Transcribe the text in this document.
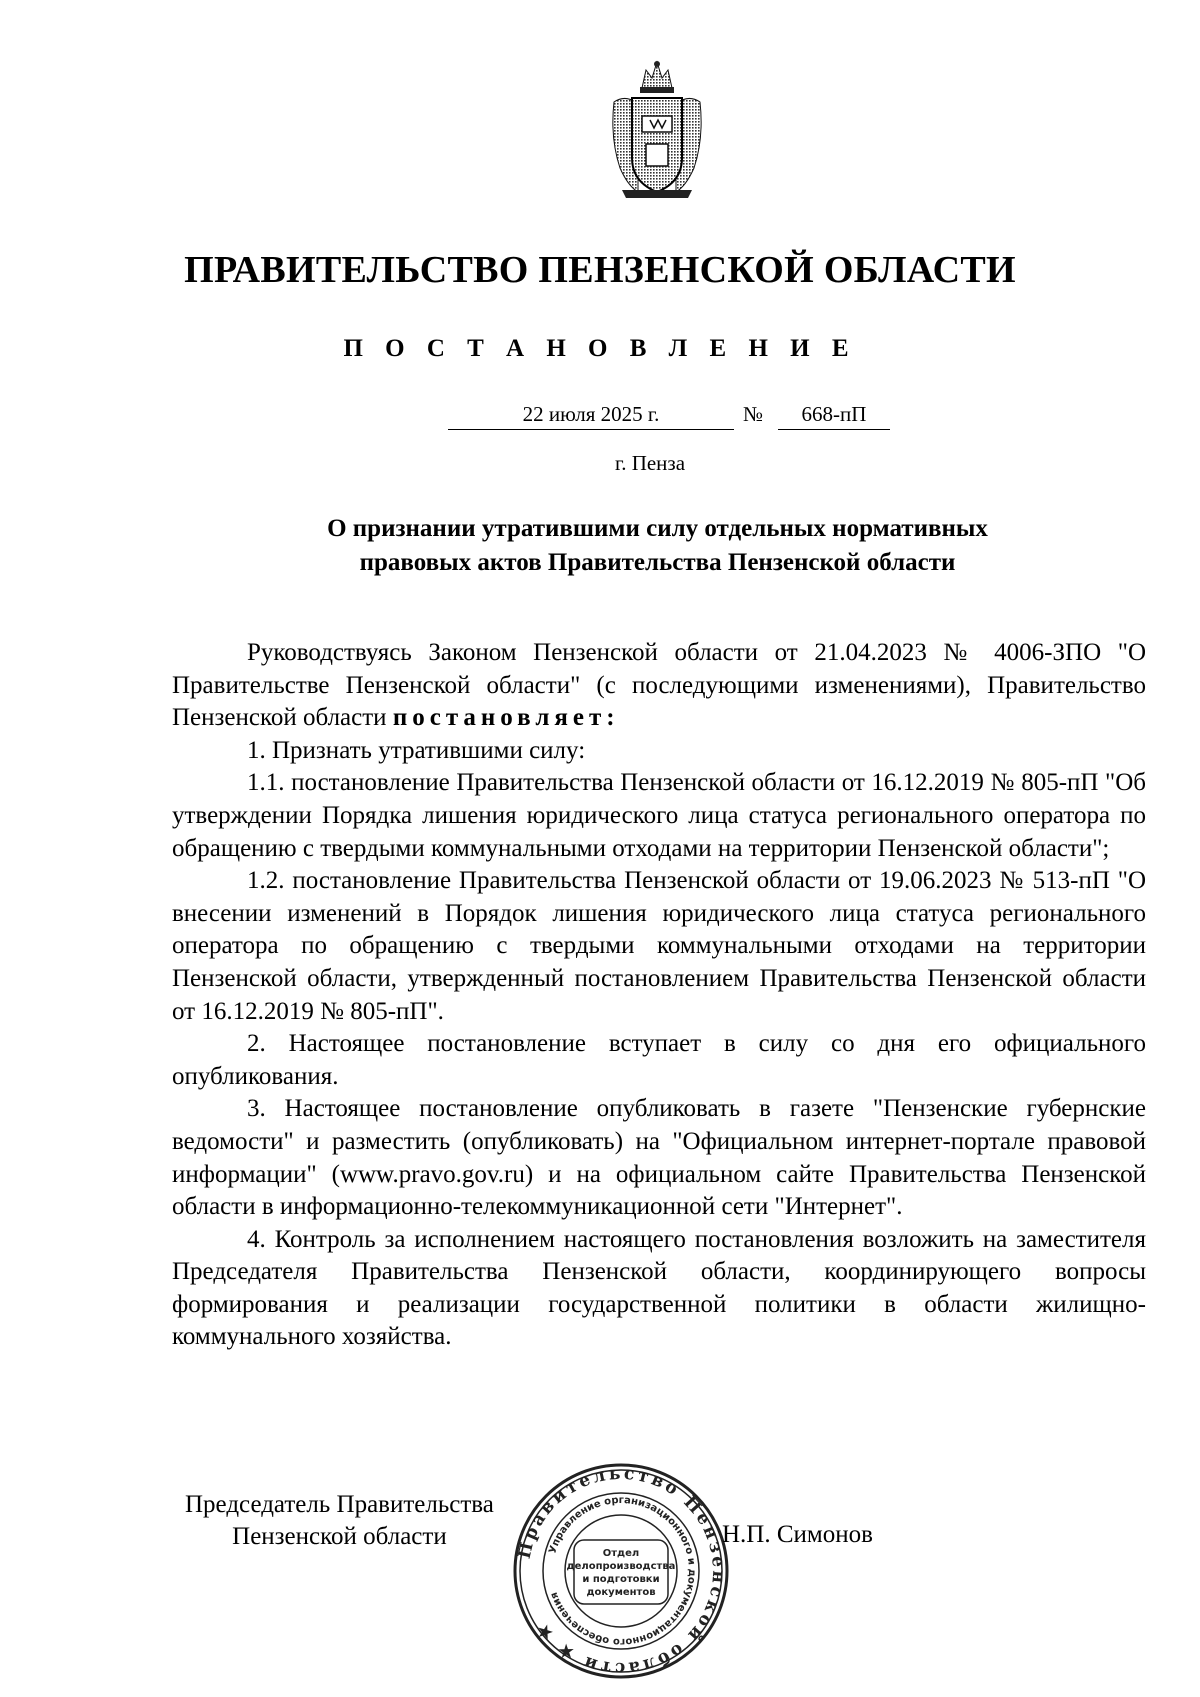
ПРАВИТЕЛЬСТВО ПЕНЗЕНСКОЙ ОБЛАСТИ
П О С Т А Н О В Л Е Н И Е
22 июля 2025 г.	№	668-пП
г. Пенза
О признании утратившими силу отдельных нормативных
правовых актов Правительства Пензенской области

Руководствуясь Законом Пензенской области от 21.04.2023 № 4006-ЗПО "О Правительстве Пензенской области" (с последующими изменениями), Правительство Пензенской области постановляет:

1. Признать утратившими силу:

1.1. постановление Правительства Пензенской области от 16.12.2019 № 805-пП "Об утверждении Порядка лишения юридического лица статуса регионального оператора по обращению с твердыми коммунальными отходами на территории Пензенской области";

1.2. постановление Правительства Пензенской области от 19.06.2023 № 513-пП "О внесении изменений в Порядок лишения юридического лица статуса регионального оператора по обращению с твердыми коммунальными отходами на территории Пензенской области, утвержденный постановлением Правительства Пензенской области от 16.12.2019 № 805-пП".

2. Настоящее постановление вступает в силу со дня его официального опубликования.

3. Настоящее постановление опубликовать в газете "Пензенские губернские ведомости" и разместить (опубликовать) на "Официальном интернет-портале правовой информации" (www.pravo.gov.ru) и на официальном сайте Правительства Пензенской области в информационно-телекоммуникационной сети "Интернет".

4. Контроль за исполнением настоящего постановления возложить на заместителя Председателя Правительства Пензенской области, координирующего вопросы формирования и реализации государственной политики в области жилищно-коммунального хозяйства.

Председатель Правительства
Пензенской области	Правительство Пензенской области ★ ★
Управление организационного и документационного обеспечения
Отдел
делопроизводства
и подготовки
документов
Н.П. Симонов
